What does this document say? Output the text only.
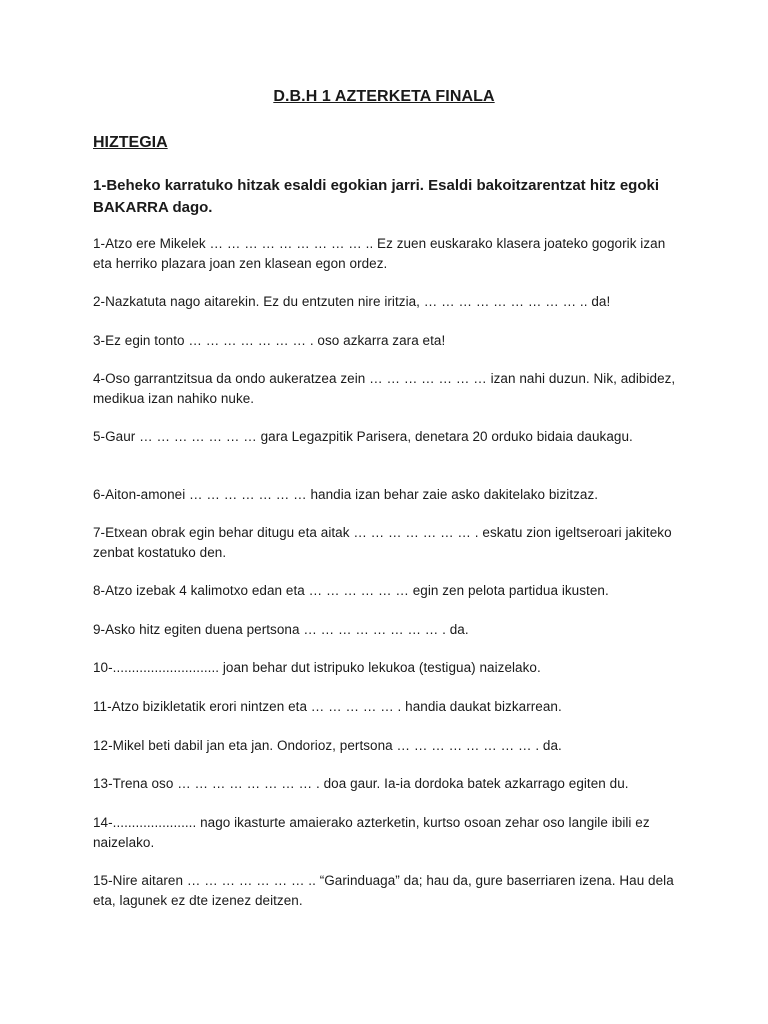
D.B.H 1 AZTERKETA FINALA
HIZTEGIA
1-Beheko karratuko hitzak esaldi egokian jarri. Esaldi bakoitzarentzat hitz egoki BAKARRA dago.
1-Atzo ere Mikelek … … … … … … … … … .. Ez zuen euskarako klasera joateko gogorik izan eta herriko plazara joan zen klasean egon ordez.
2-Nazkatuta nago aitarekin. Ez du entzuten nire iritzia, … … … … … … … … … .. da!
3-Ez egin tonto … … … … … … … . oso azkarra zara eta!
4-Oso garrantzitsua da ondo aukeratzea zein … … … … … … … izan nahi duzun. Nik, adibidez, medikua izan nahiko nuke.
5-Gaur … … … … … … … gara Legazpitik Parisera, denetara 20 orduko bidaia daukagu.
6-Aiton-amonei … … … … … … … handia izan behar zaie asko dakitelako bizitzaz.
7-Etxean obrak egin behar ditugu eta aitak … … … … … … … . eskatu zion igeltseroari jakiteko zenbat kostatuko den.
8-Atzo izebak 4 kalimotxo edan eta … … … … … … egin zen pelota partidua ikusten.
9-Asko hitz egiten duena pertsona … … … … … … … … . da.
10-............................ joan behar dut istripuko lekukoa (testigua) naizelako.
11-Atzo bizikletatik erori nintzen eta … … … … … . handia daukat bizkarrean.
12-Mikel beti dabil jan eta jan. Ondorioz, pertsona … … … … … … … … . da.
13-Trena oso … … … … … … … … . doa gaur. Ia-ia dordoka batek azkarrago egiten du.
14-...................... nago ikasturte amaierako azterketin, kurtso osoan zehar oso langile ibili ez naizelako.
15-Nire aitaren … … … … … … … .. “Garinduaga” da; hau da, gure baserriaren izena. Hau dela eta, lagunek ez dte izenez deitzen.
